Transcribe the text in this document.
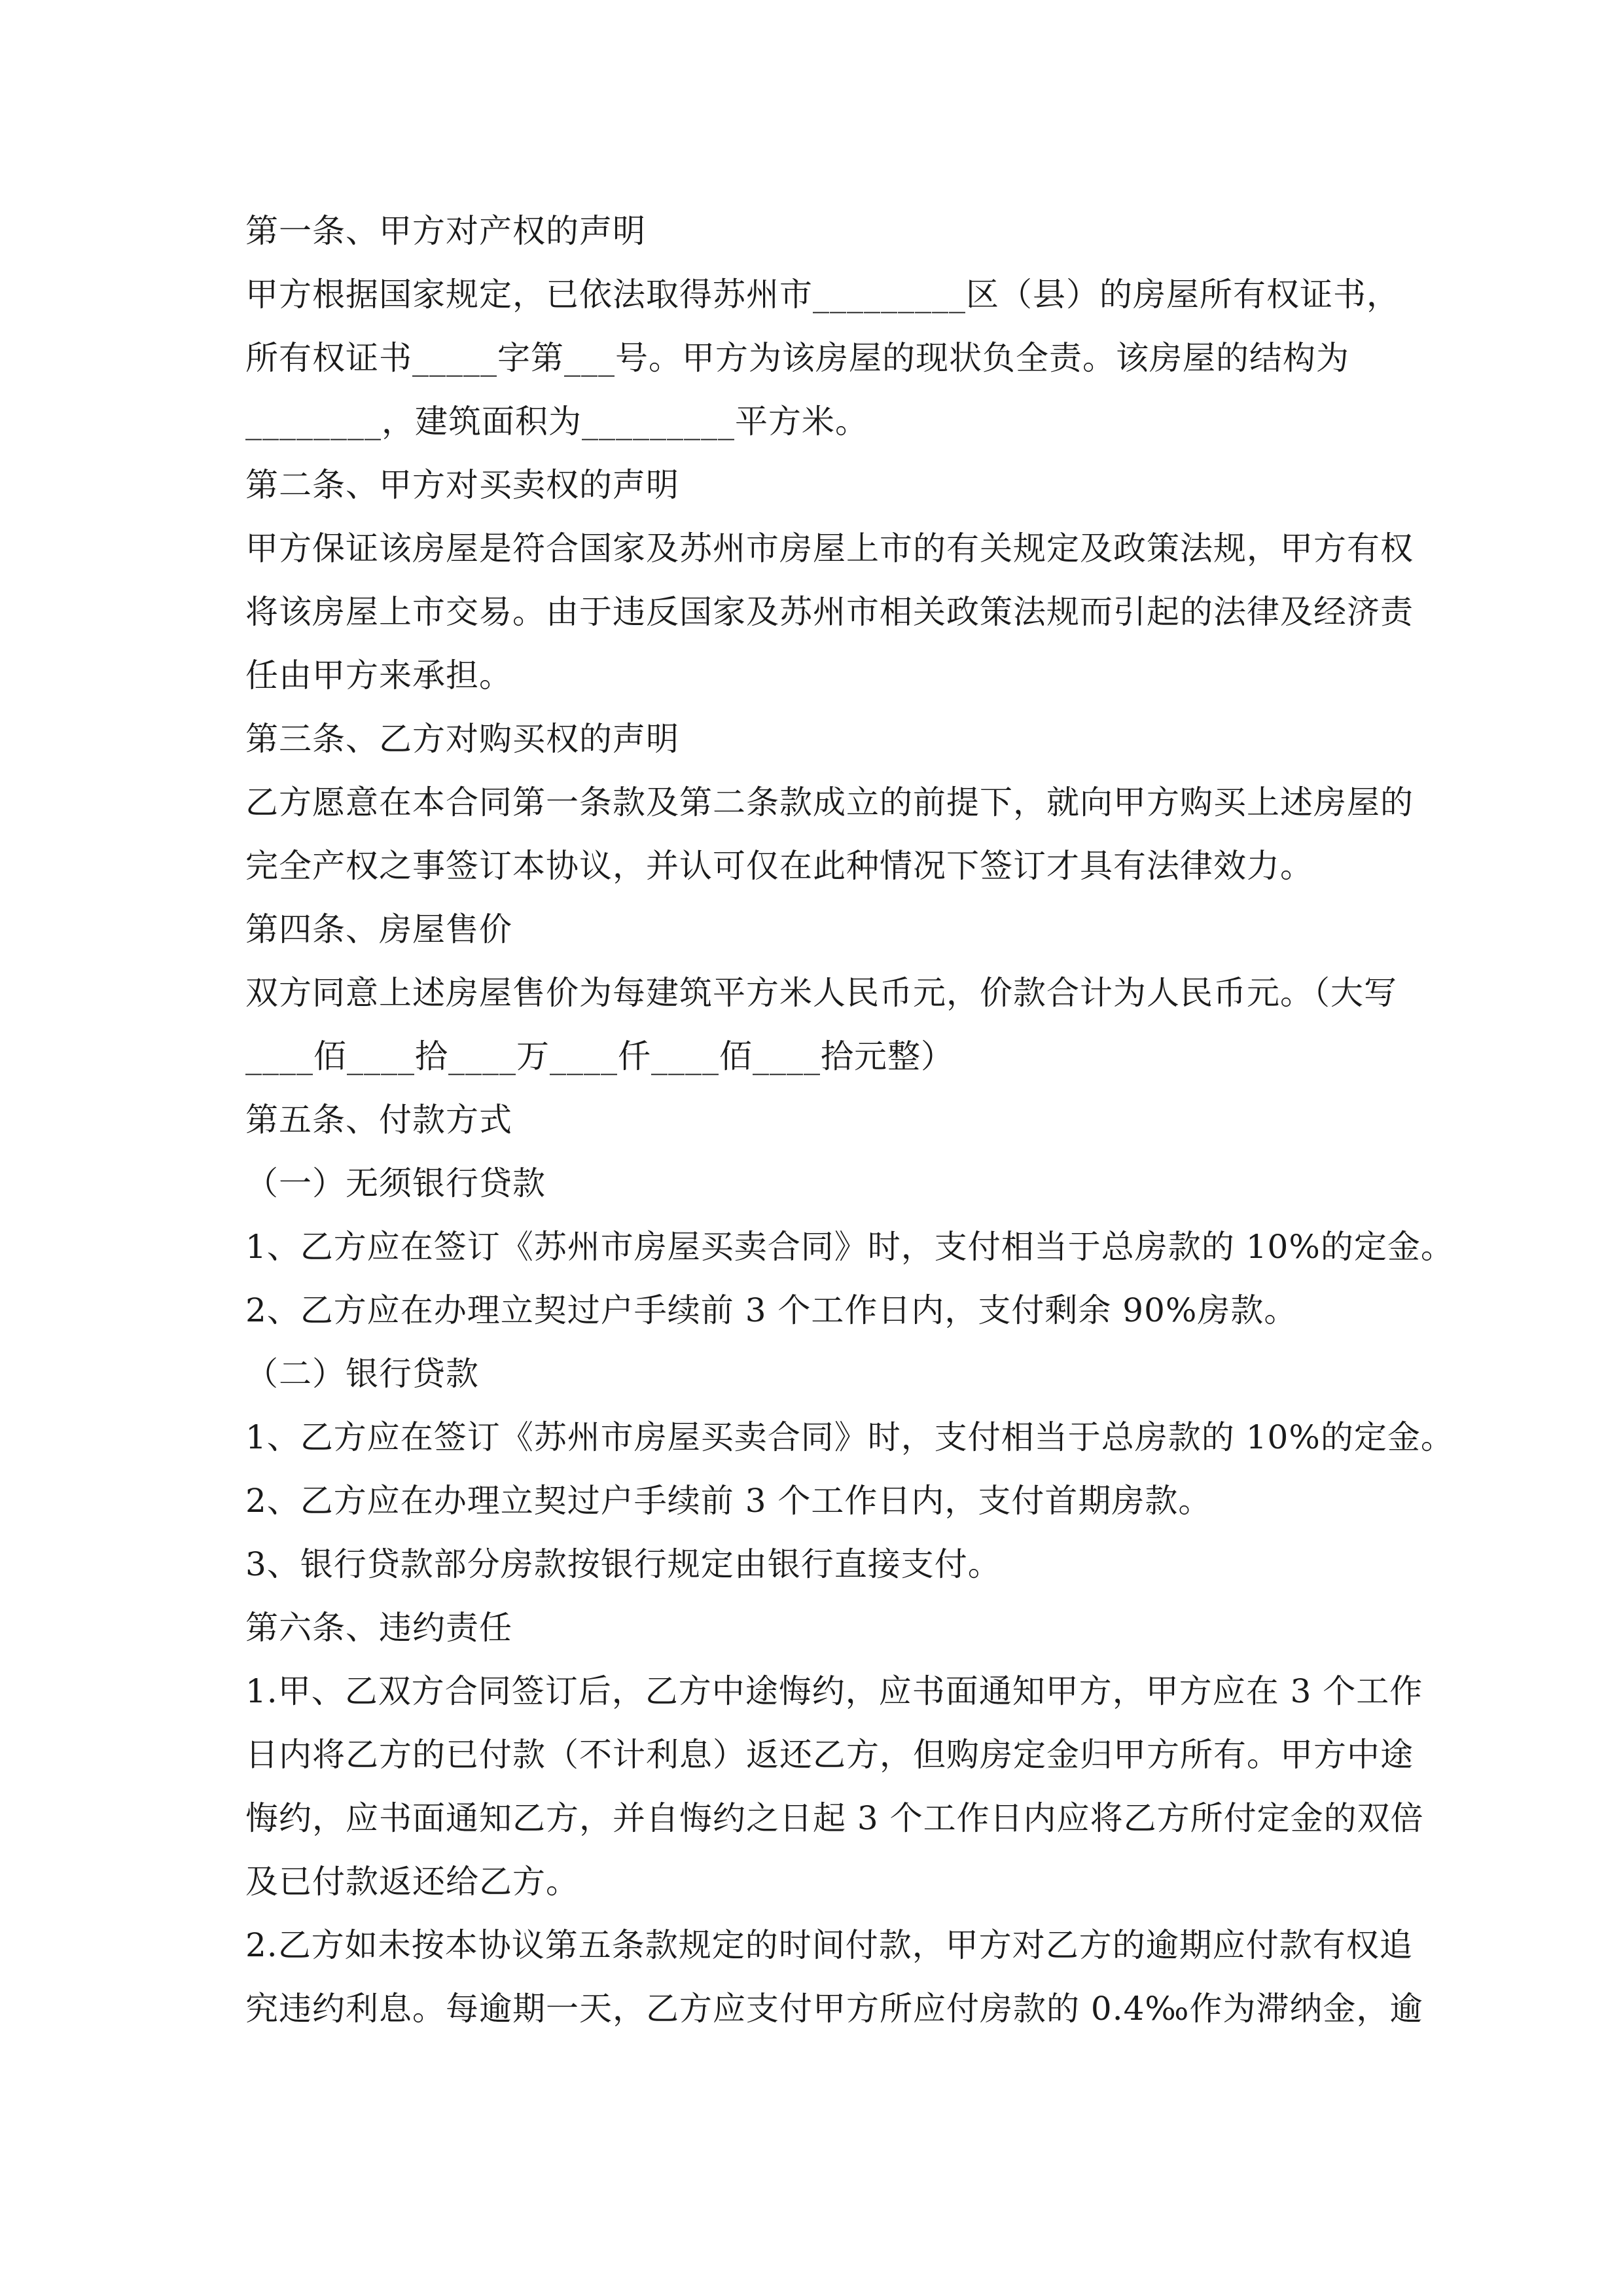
第一条、甲方对产权的声明
甲方根据国家规定，已依法取得苏州市_________区（县）的房屋所有权证书，
所有权证书_____字第___号。甲方为该房屋的现状负全责。该房屋的结构为
________，建筑面积为_________平方米。
第二条、甲方对买卖权的声明
甲方保证该房屋是符合国家及苏州市房屋上市的有关规定及政策法规，甲方有权
将该房屋上市交易。由于违反国家及苏州市相关政策法规而引起的法律及经济责
任由甲方来承担。
第三条、乙方对购买权的声明
乙方愿意在本合同第一条款及第二条款成立的前提下，就向甲方购买上述房屋的
完全产权之事签订本协议，并认可仅在此种情况下签订才具有法律效力。
第四条、房屋售价
双方同意上述房屋售价为每建筑平方米人民币元，价款合计为人民币元。（大写
____佰____拾____万____仟____佰____拾元整）
第五条、付款方式
（一）无须银行贷款
1、乙方应在签订《苏州市房屋买卖合同》时，支付相当于总房款的 10%的定金。
2、乙方应在办理立契过户手续前 3 个工作日内，支付剩余 90%房款。
（二）银行贷款
1、乙方应在签订《苏州市房屋买卖合同》时，支付相当于总房款的 10%的定金。
2、乙方应在办理立契过户手续前 3 个工作日内，支付首期房款。
3、银行贷款部分房款按银行规定由银行直接支付。
第六条、违约责任
1.甲、乙双方合同签订后，乙方中途悔约，应书面通知甲方，甲方应在 3 个工作
日内将乙方的已付款（不计利息）返还乙方，但购房定金归甲方所有。甲方中途
悔约，应书面通知乙方，并自悔约之日起 3 个工作日内应将乙方所付定金的双倍
及已付款返还给乙方。
2.乙方如未按本协议第五条款规定的时间付款，甲方对乙方的逾期应付款有权追
究违约利息。每逾期一天，乙方应支付甲方所应付房款的 0.4‰作为滞纳金，逾
